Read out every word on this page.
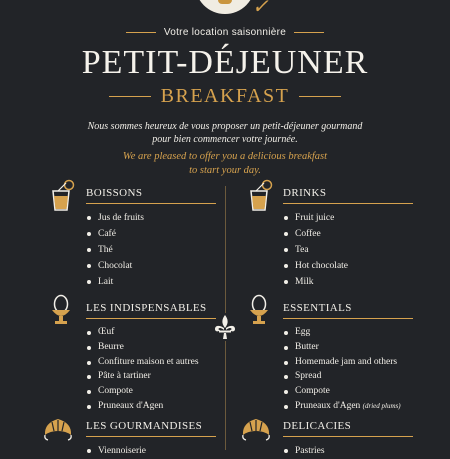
✓
Votre location saisonnière
PETIT-DÉJEUNER
BREAKFAST
Nous sommes heureux de vous proposer un petit-déjeuner gourmand
pour bien commencer votre journée.
We are pleased to offer you a delicious breakfast
to start your day.
BOISSONS
Jus de fruits
Café
Thé
Chocolat
Lait
DRINKS
Fruit juice
Coffee
Tea
Hot chocolate
Milk
LES INDISPENSABLES
Œuf
Beurre
Confiture maison et autres
Pâte à tartiner
Compote
Pruneaux d'Agen
ESSENTIALS
Egg
Butter
Homemade jam and others
Spread
Compote
Pruneaux d'Agen (dried plums)
LES GOURMANDISES
Viennoiserie
DELICACIES
Pastries
